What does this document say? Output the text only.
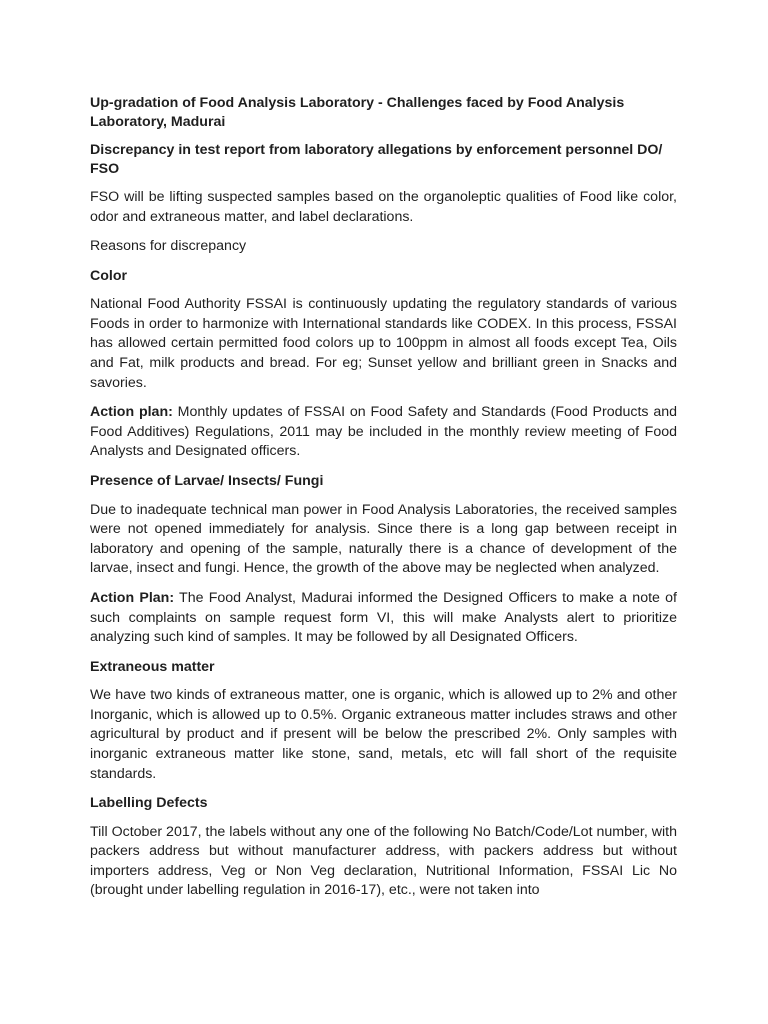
Up-gradation of Food Analysis Laboratory - Challenges faced by Food Analysis Laboratory, Madurai
Discrepancy in test report from laboratory allegations by enforcement personnel DO/ FSO
FSO will be lifting suspected samples based on the organoleptic qualities of Food like color, odor and extraneous matter, and label declarations.
Reasons for discrepancy
Color
National Food Authority FSSAI is continuously updating the regulatory standards of various Foods in order to harmonize with International standards like CODEX. In this process, FSSAI has allowed certain permitted food colors up to 100ppm in almost all foods except Tea, Oils and Fat, milk products and bread. For eg; Sunset yellow and brilliant green in Snacks and savories.
Action plan: Monthly updates of FSSAI on Food Safety and Standards (Food Products and Food Additives) Regulations, 2011 may be included in the monthly review meeting of Food Analysts and Designated officers.
Presence of Larvae/ Insects/ Fungi
Due to inadequate technical man power in Food Analysis Laboratories, the received samples were not opened immediately for analysis. Since there is a long gap between receipt in laboratory and opening of the sample, naturally there is a chance of development of the larvae, insect and fungi. Hence, the growth of the above may be neglected when analyzed.
Action Plan: The Food Analyst, Madurai informed the Designed Officers to make a note of such complaints on sample request form VI, this will make Analysts alert to prioritize analyzing such kind of samples. It may be followed by all Designated Officers.
Extraneous matter
We have two kinds of extraneous matter, one is organic, which is allowed up to 2% and other Inorganic, which is allowed up to 0.5%. Organic extraneous matter includes straws and other agricultural by product and if present will be below the prescribed 2%. Only samples with inorganic extraneous matter like stone, sand, metals, etc will fall short of the requisite standards.
Labelling Defects
Till October 2017, the labels without any one of the following No Batch/Code/Lot number, with packers address but without manufacturer address, with packers address but without importers address, Veg or Non Veg declaration, Nutritional Information, FSSAI Lic No (brought under labelling regulation in 2016-17), etc., were not taken into
